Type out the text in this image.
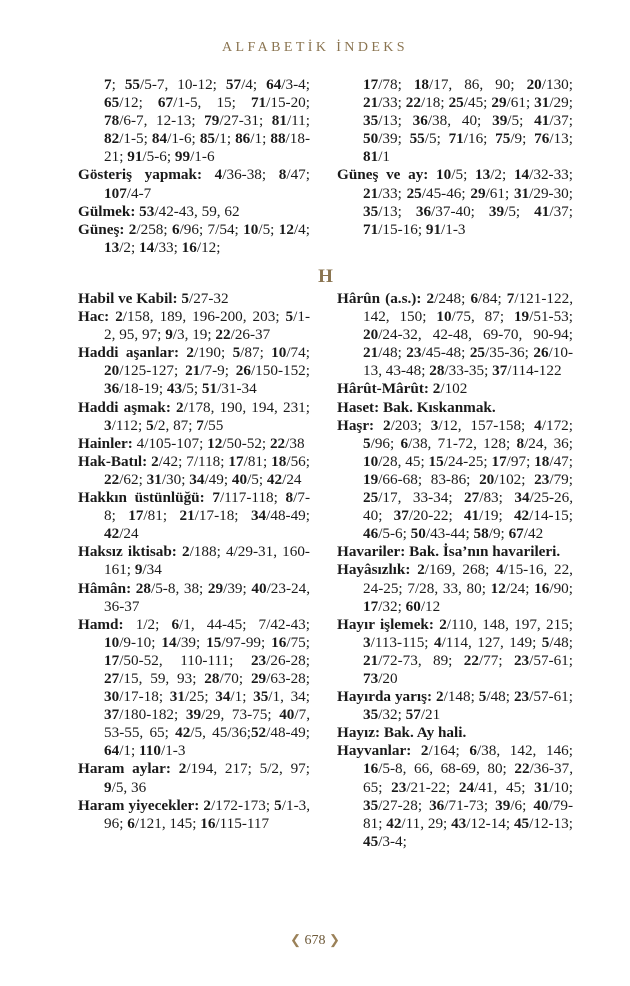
ALFABETİK İNDEKS
7; 55/5-7, 10-12; 57/4; 64/3-4; 65/12; 67/1-5, 15; 71/15-20; 78/6-7, 12-13; 79/27-31; 81/11; 82/1-5; 84/1-6; 85/1; 86/1; 88/18-21; 91/5-6; 99/1-6
Gösteriş yapmak: 4/36-38; 8/47; 107/4-7
Gülmek: 53/42-43, 59, 62
Güneş: 2/258; 6/96; 7/54; 10/5; 12/4; 13/2; 14/33; 16/12;
17/78; 18/17, 86, 90; 20/130; 21/33; 22/18; 25/45; 29/61; 31/29; 35/13; 36/38, 40; 39/5; 41/37; 50/39; 55/5; 71/16; 75/9; 76/13; 81/1
Güneş ve ay: 10/5; 13/2; 14/32-33; 21/33; 25/45-46; 29/61; 31/29-30; 35/13; 36/37-40; 39/5; 41/37; 71/15-16; 91/1-3
H
Habil ve Kabil: 5/27-32
Hac: 2/158, 189, 196-200, 203; 5/1-2, 95, 97; 9/3, 19; 22/26-37
Haddi aşanlar: 2/190; 5/87; 10/74; 20/125-127; 21/7-9; 26/150-152; 36/18-19; 43/5; 51/31-34
Haddi aşmak: 2/178, 190, 194, 231; 3/112; 5/2, 87; 7/55
Hainler: 4/105-107; 12/50-52; 22/38
Hak-Batıl: 2/42; 7/118; 17/81; 18/56; 22/62; 31/30; 34/49; 40/5; 42/24
Hakkın üstünlüğü: 7/117-118; 8/7-8; 17/81; 21/17-18; 34/48-49; 42/24
Haksız iktisab: 2/188; 4/29-31, 160-161; 9/34
Hâmân: 28/5-8, 38; 29/39; 40/23-24, 36-37
Hamd: 1/2; 6/1, 44-45; 7/42-43; 10/9-10; 14/39; 15/97-99; 16/75; 17/50-52, 110-111; 23/26-28; 27/15, 59, 93; 28/70; 29/63-28; 30/17-18; 31/25; 34/1; 35/1, 34; 37/180-182; 39/29, 73-75; 40/7, 53-55, 65; 42/5, 45/36;52/48-49; 64/1; 110/1-3
Haram aylar: 2/194, 217; 5/2, 97; 9/5, 36
Haram yiyecekler: 2/172-173; 5/1-3, 96; 6/121, 145; 16/115-117
Hârûn (a.s.): 2/248; 6/84; 7/121-122, 142, 150; 10/75, 87; 19/51-53; 20/24-32, 42-48, 69-70, 90-94; 21/48; 23/45-48; 25/35-36; 26/10-13, 43-48; 28/33-35; 37/114-122
Hârût-Mârût: 2/102
Haset: Bak. Kıskanmak.
Haşr: 2/203; 3/12, 157-158; 4/172; 5/96; 6/38, 71-72, 128; 8/24, 36; 10/28, 45; 15/24-25; 17/97; 18/47; 19/66-68; 83-86; 20/102; 23/79; 25/17, 33-34; 27/83; 34/25-26, 40; 37/20-22; 41/19; 42/14-15; 46/5-6; 50/43-44; 58/9; 67/42
Havariler: Bak. İsa’nın havarileri.
Hayâsızlık: 2/169, 268; 4/15-16, 22, 24-25; 7/28, 33, 80; 12/24; 16/90; 17/32; 60/12
Hayır işlemek: 2/110, 148, 197, 215; 3/113-115; 4/114, 127, 149; 5/48; 21/72-73, 89; 22/77; 23/57-61; 73/20
Hayırda yarış: 2/148; 5/48; 23/57-61; 35/32; 57/21
Hayız: Bak. Ay hali.
Hayvanlar: 2/164; 6/38, 142, 146; 16/5-8, 66, 68-69, 80; 22/36-37, 65; 23/21-22; 24/41, 45; 31/10; 35/27-28; 36/71-73; 39/6; 40/79-81; 42/11, 29; 43/12-14; 45/12-13; 45/3-4;
❮ 678 ❯
